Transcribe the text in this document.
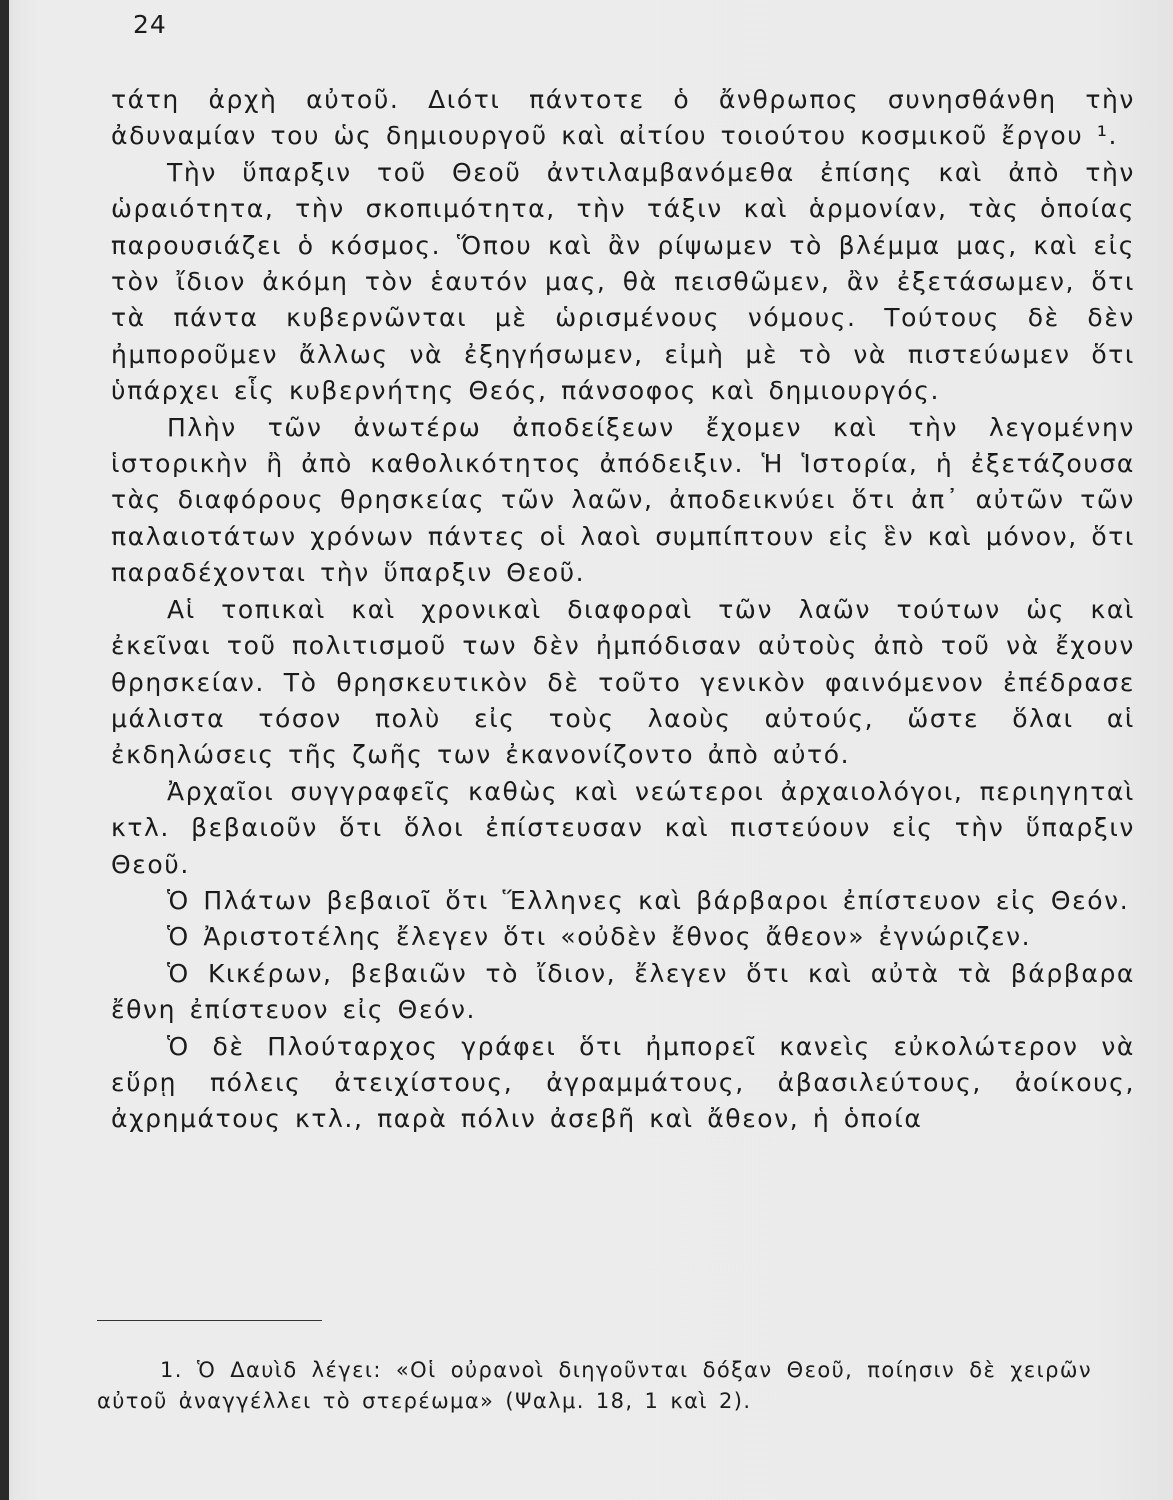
24

τάτη ἀρχὴ αὐτοῦ. Διότι πάντοτε ὁ ἄνθρωπος συνησθάνθη τὴν ἀδυναμίαν του ὡς δημιουργοῦ καὶ αἰτίου τοιούτου κοσμικοῦ ἔργου ¹.

Τὴν ὕπαρξιν τοῦ Θεοῦ ἀντιλαμβανόμεθα ἐπίσης καὶ ἀπὸ τὴν ὡραιότητα, τὴν σκοπιμότητα, τὴν τάξιν καὶ ἁρμονίαν, τὰς ὁποίας παρουσιάζει ὁ κόσμος. Ὅπου καὶ ἂν ρίψωμεν τὸ βλέμμα μας, καὶ εἰς τὸν ἴδιον ἀκόμη τὸν ἑαυτόν μας, θὰ πεισθῶμεν, ἂν ἐξετάσωμεν, ὅτι τὰ πάντα κυβερνῶνται μὲ ὡρισμένους νόμους. Τούτους δὲ δὲν ἠμποροῦμεν ἄλλως νὰ ἐξηγήσωμεν, εἰμὴ μὲ τὸ νὰ πιστεύωμεν ὅτι ὑπάρχει εἷς κυβερνήτης Θεός, πάνσοφος καὶ δημιουργός.

Πλὴν τῶν ἀνωτέρω ἀποδείξεων ἔχομεν καὶ τὴν λεγομένην ἱστορικὴν ἢ ἀπὸ καθολικότητος ἀπόδειξιν. Ἡ Ἱστορία, ἡ ἐξετάζουσα τὰς διαφόρους θρησκείας τῶν λαῶν, ἀποδεικνύει ὅτι ἀπ᾽ αὐτῶν τῶν παλαιοτάτων χρόνων πάντες οἱ λαοὶ συμπίπτουν εἰς ἓν καὶ μόνον, ὅτι παραδέχονται τὴν ὕπαρξιν Θεοῦ.

Αἱ τοπικαὶ καὶ χρονικαὶ διαφοραὶ τῶν λαῶν τούτων ὡς καὶ ἐκεῖναι τοῦ πολιτισμοῦ των δὲν ἠμπόδισαν αὐτοὺς ἀπὸ τοῦ νὰ ἔχουν θρησκείαν. Τὸ θρησκευτικὸν δὲ τοῦτο γενικὸν φαινόμενον ἐπέδρασε μάλιστα τόσον πολὺ εἰς τοὺς λαοὺς αὐτούς, ὥστε ὅλαι αἱ ἐκδηλώσεις τῆς ζωῆς των ἐκανονίζοντο ἀπὸ αὐτό.

Ἀρχαῖοι συγγραφεῖς καθὼς καὶ νεώτεροι ἀρχαιολόγοι, περιηγηταὶ κτλ. βεβαιοῦν ὅτι ὅλοι ἐπίστευσαν καὶ πιστεύουν εἰς τὴν ὕπαρξιν Θεοῦ.

Ὁ Πλάτων βεβαιοῖ ὅτι Ἕλληνες καὶ βάρβαροι ἐπίστευον εἰς Θεόν.

Ὁ Ἀριστοτέλης ἔλεγεν ὅτι «οὐδὲν ἔθνος ἄθεον» ἐγνώριζεν.

Ὁ Κικέρων, βεβαιῶν τὸ ἴδιον, ἔλεγεν ὅτι καὶ αὐτὰ τὰ βάρβαρα ἔθνη ἐπίστευον εἰς Θεόν.

Ὁ δὲ Πλούταρχος γράφει ὅτι ἠμπορεῖ κανεὶς εὐκολώτερον νὰ εὕρῃ πόλεις ἀτειχίστους, ἀγραμμάτους, ἀβασιλεύτους, ἀοίκους, ἀχρημάτους κτλ., παρὰ πόλιν ἀσεβῆ καὶ ἄθεον, ἡ ὁποία

1. Ὁ Δαυὶδ λέγει: «Οἱ οὐρανοὶ διηγοῦνται δόξαν Θεοῦ, ποίησιν δὲ χειρῶν αὐτοῦ ἀναγγέλλει τὸ στερέωμα» (Ψαλμ. 18, 1 καὶ 2).
